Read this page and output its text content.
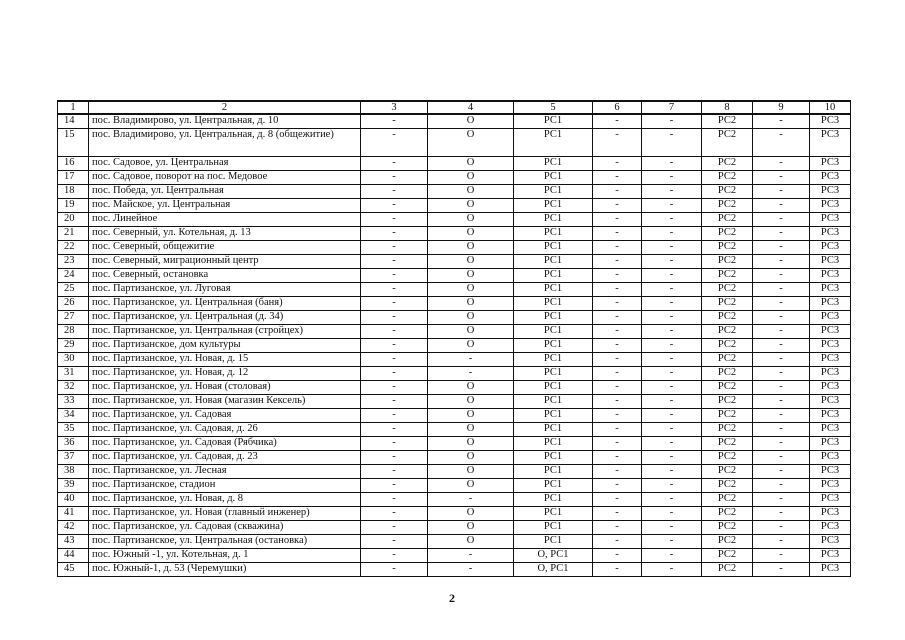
1	2	3	4	5	6	7	8	9	10
14	пос. Владимирово, ул. Центральная, д. 10	-	О	РС1	-	-	РС2	-	РС3
15	пос. Владимирово, ул. Центральная, д. 8 (общежитие)	-	О	РС1	-	-	РС2	-	РС3
16	пос. Садовое, ул. Центральная	-	О	РС1	-	-	РС2	-	РС3
17	пос. Садовое, поворот на пос. Медовое	-	О	РС1	-	-	РС2	-	РС3
18	пос. Победа, ул. Центральная	-	О	РС1	-	-	РС2	-	РС3
19	пос. Майское, ул. Центральная	-	О	РС1	-	-	РС2	-	РС3
20	пос. Линейное	-	О	РС1	-	-	РС2	-	РС3
21	пос. Северный, ул. Котельная, д. 13	-	О	РС1	-	-	РС2	-	РС3
22	пос. Северный, общежитие	-	О	РС1	-	-	РС2	-	РС3
23	пос. Северный, миграционный центр	-	О	РС1	-	-	РС2	-	РС3
24	пос. Северный, остановка	-	О	РС1	-	-	РС2	-	РС3
25	пос. Партизанское, ул. Луговая	-	О	РС1	-	-	РС2	-	РС3
26	пос. Партизанское, ул. Центральная (баня)	-	О	РС1	-	-	РС2	-	РС3
27	пос. Партизанское, ул. Центральная (д. 34)	-	О	РС1	-	-	РС2	-	РС3
28	пос. Партизанское, ул. Центральная (стройцех)	-	О	РС1	-	-	РС2	-	РС3
29	пос. Партизанское, дом культуры	-	О	РС1	-	-	РС2	-	РС3
30	пос. Партизанское, ул. Новая, д. 15	-	-	РС1	-	-	РС2	-	РС3
31	пос. Партизанское, ул. Новая, д. 12	-	-	РС1	-	-	РС2	-	РС3
32	пос. Партизанское, ул. Новая (столовая)	-	О	РС1	-	-	РС2	-	РС3
33	пос. Партизанское, ул. Новая (магазин Кексель)	-	О	РС1	-	-	РС2	-	РС3
34	пос. Партизанское, ул. Садовая	-	О	РС1	-	-	РС2	-	РС3
35	пос. Партизанское, ул. Садовая, д. 26	-	О	РС1	-	-	РС2	-	РС3
36	пос. Партизанское, ул. Садовая (Рябчика)	-	О	РС1	-	-	РС2	-	РС3
37	пос. Партизанское, ул. Садовая, д. 23	-	О	РС1	-	-	РС2	-	РС3
38	пос. Партизанское, ул. Лесная	-	О	РС1	-	-	РС2	-	РС3
39	пос. Партизанское, стадион	-	О	РС1	-	-	РС2	-	РС3
40	пос. Партизанское, ул. Новая, д. 8	-	-	РС1	-	-	РС2	-	РС3
41	пос. Партизанское, ул. Новая (главный инженер)	-	О	РС1	-	-	РС2	-	РС3
42	пос. Партизанское, ул. Садовая (скважина)	-	О	РС1	-	-	РС2	-	РС3
43	пос. Партизанское, ул. Центральная (остановка)	-	О	РС1	-	-	РС2	-	РС3
44	пос. Южный -1, ул. Котельная, д. 1	-	-	О, РС1	-	-	РС2	-	РС3
45	пос. Южный-1, д. 53 (Черемушки)	-	-	О, РС1	-	-	РС2	-	РС3
2
